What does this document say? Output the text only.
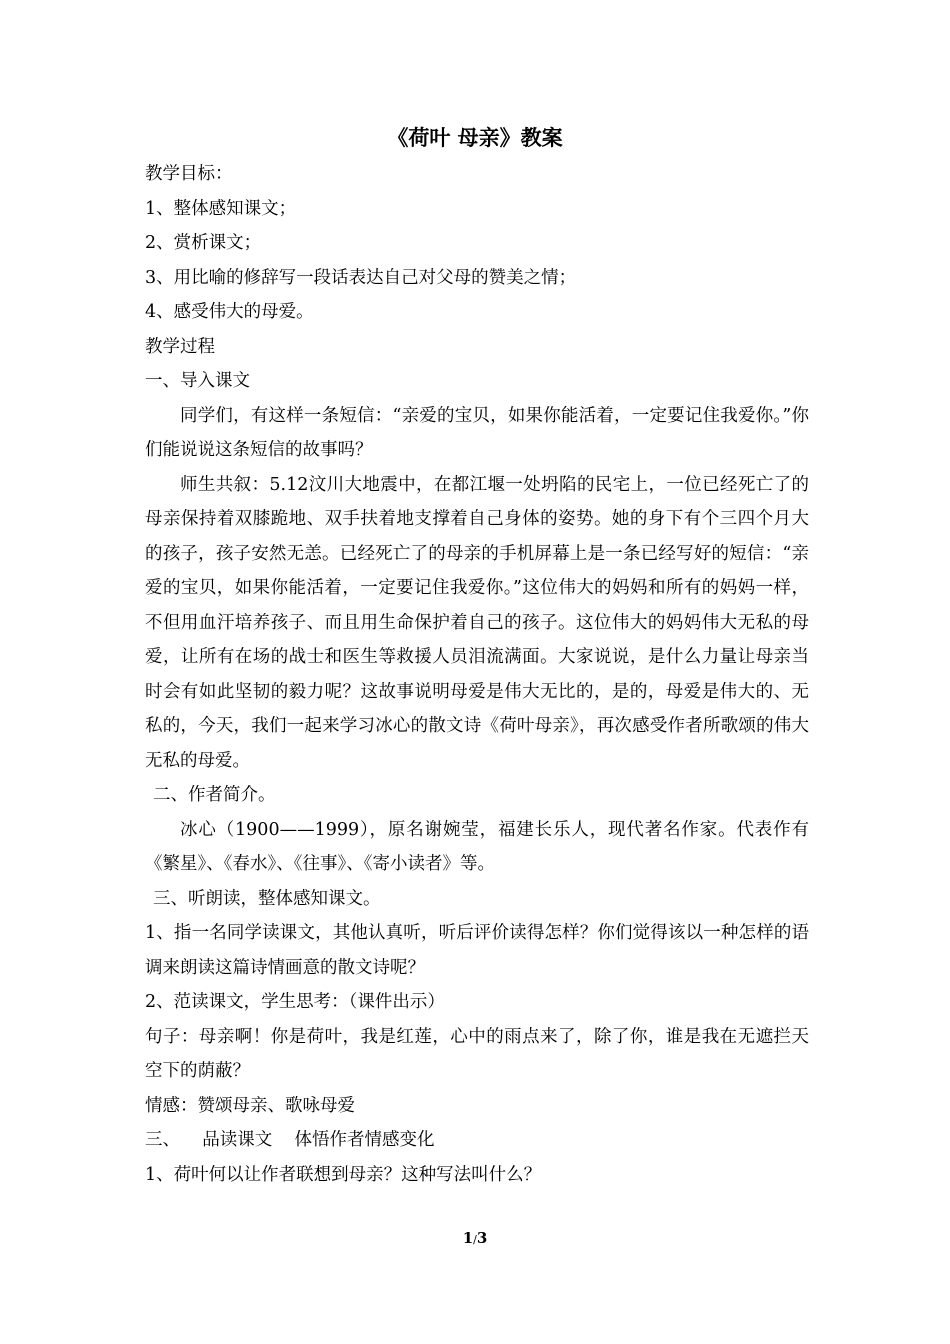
《荷叶 母亲》教案

教学目标：

1、整体感知课文；

2、赏析课文；

3、用比喻的修辞写一段话表达自己对父母的赞美之情；

4、感受伟大的母爱。

教学过程

一、导入课文

同学们，有这样一条短信：“亲爱的宝贝，如果你能活着，一定要记住我爱你。”你们能说说这条短信的故事吗？

师生共叙：5.12汶川大地震中，在都江堰一处坍陷的民宅上，一位已经死亡了的母亲保持着双膝跪地、双手扶着地支撑着自己身体的姿势。她的身下有个三四个月大的孩子，孩子安然无恙。已经死亡了的母亲的手机屏幕上是一条已经写好的短信：“亲爱的宝贝，如果你能活着，一定要记住我爱你。”这位伟大的妈妈和所有的妈妈一样，不但用血汗培养孩子、而且用生命保护着自己的孩子。这位伟大的妈妈伟大无私的母爱，让所有在场的战士和医生等救援人员泪流满面。大家说说，是什么力量让母亲当时会有如此坚韧的毅力呢？这故事说明母爱是伟大无比的，是的，母爱是伟大的、无私的，今天，我们一起来学习冰心的散文诗《荷叶母亲》，再次感受作者所歌颂的伟大无私的母爱。

二、作者简介。

冰心（1900——1999），原名谢婉莹，福建长乐人，现代著名作家。代表作有《繁星》、《春水》、《往事》、《寄小读者》等。

三、听朗读，整体感知课文。

1、指一名同学读课文，其他认真听，听后评价读得怎样？你们觉得该以一种怎样的语调来朗读这篇诗情画意的散文诗呢？

2、范读课文，学生思考：（课件出示）

句子：母亲啊！你是荷叶，我是红莲，心中的雨点来了，除了你，谁是我在无遮拦天空下的荫蔽？

情感：赞颂母亲、歌咏母爱

三、    品读课文    体悟作者情感变化

1、荷叶何以让作者联想到母亲？这种写法叫什么？

1/3
